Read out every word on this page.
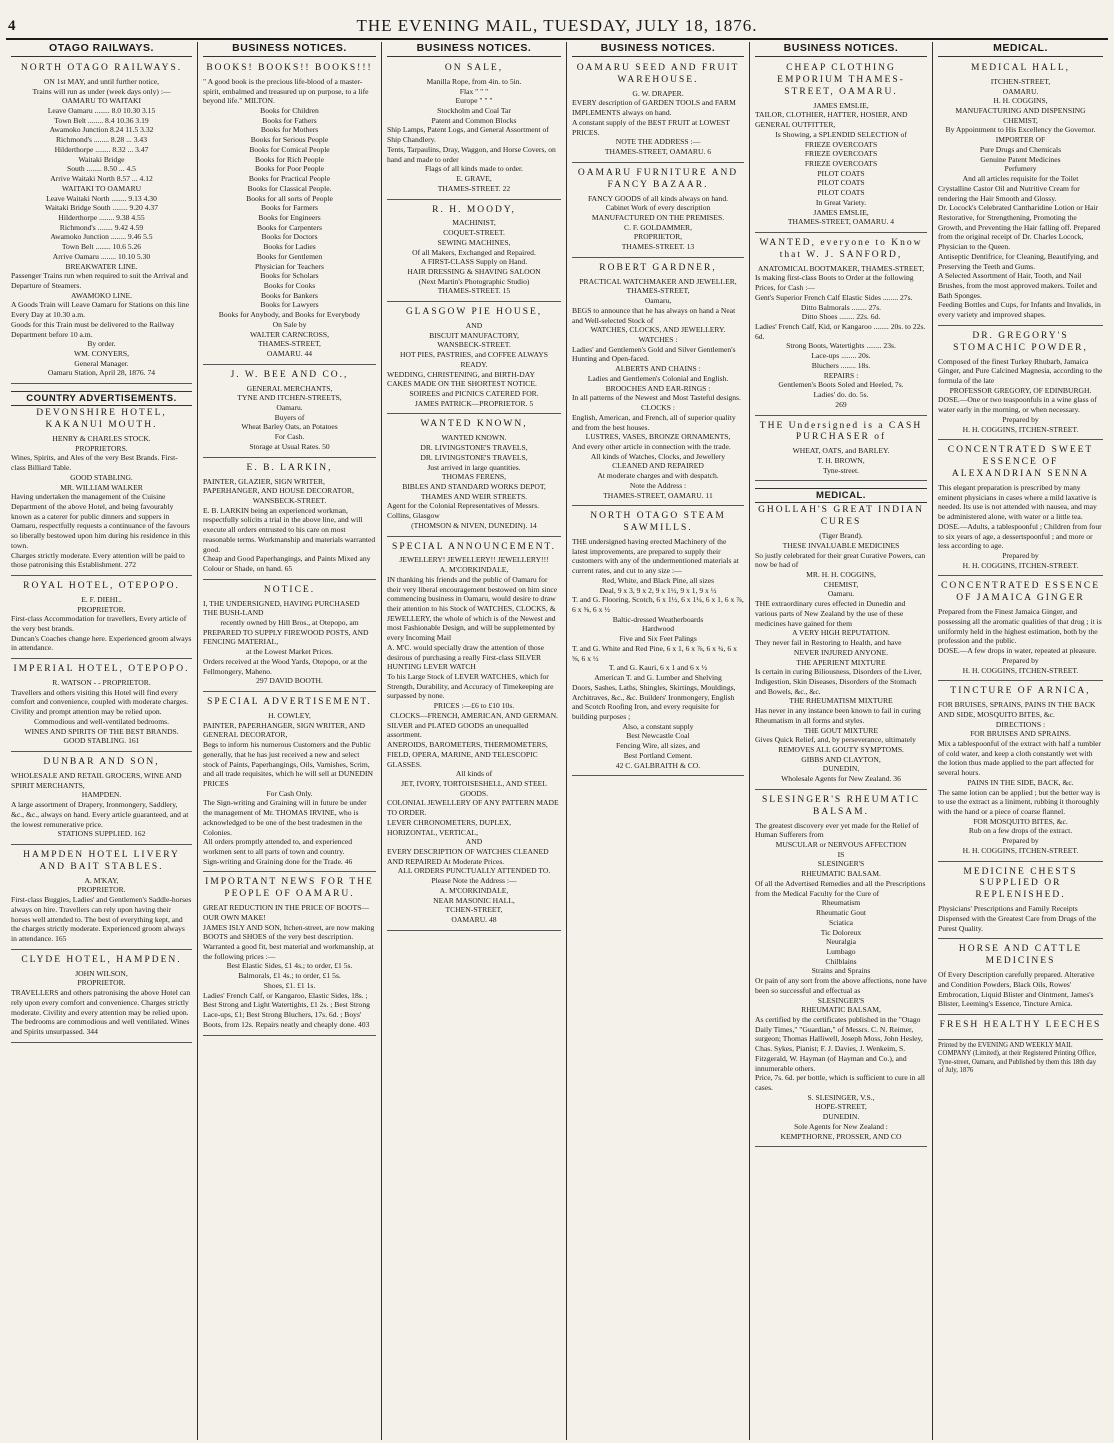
4	THE EVENING MAIL, TUESDAY, JULY 18, 1876.
OTAGO RAILWAYS.
NORTH OTAGO RAILWAYS.
ON 1st MAY, and until further notice,
Trains will run as under (week days only) :—
OAMARU TO WAITAKI
Leave Oamaru ........ 8.0 10.30 3.15
Town Belt ........ 8.4 10.36 3.19
Awamoko Junction 8.24 11.5 3.32
Richmond's ........ 8.28 ... 3.43
Hilderthorpe ........ 8.32 ... 3.47
Waitaki Bridge
South ........ 8.50 ... 4.5
Arrive Waitaki North 8.57 ... 4.12
WAITAKI TO OAMARU
Leave Waitaki North ........ 9.13 4.30
Waitaki Bridge South ........ 9.20 4.37
Hilderthorpe ........ 9.38 4.55
Richmond's ........ 9.42 4.59
Awamoko Junction ........ 9.46 5.5
Town Belt ........ 10.6 5.26
Arrive Oamaru ........ 10.10 5.30
BREAKWATER LINE.
Passenger Trains run when required to suit the Arrival and Departure of Steamers.
AWAMOKO LINE.
A Goods Train will Leave Oamaru for Stations on this line Every Day at 10.30 a.m.
Goods for this Train must be delivered to the Railway Department before 10 a.m.
By order.
WM. CONYERS,
General Manager.
Oamaru Station, April 28, 1876. 74
COUNTRY ADVERTISEMENTS.
DEVONSHIRE HOTEL, KAKANUI MOUTH.
HENRY & CHARLES STOCK.
PROPRIETORS.
Wines, Spirits, and Ales of the very Best Brands. First-class Billiard Table.
GOOD STABLING.
MR. WILLIAM WALKER
Having undertaken the management of the Cuisine Department of the above Hotel, and being favourably known as a caterer for public dinners and suppers in Oamaru, respectfully requests a continuance of the favours so liberally bestowed upon him during his residence in this town.
Charges strictly moderate. Every attention will be paid to those patronising this Establishment. 272
ROYAL HOTEL, OTEPOPO.
E. F. DIEHL.
PROPRIETOR.
First-class Accommodation for travellers, Every article of the very best brands.
Duncan's Coaches change here. Experienced groom always in attendance.
IMPERIAL HOTEL, OTEPOPO.
R. WATSON - - PROPRIETOR.
Travellers and others visiting this Hotel will find every comfort and convenience, coupled with moderate charges.
Civility and prompt attention may be relied upon.
Commodious and well-ventilated bedrooms.
WINES AND SPIRITS OF THE BEST BRANDS.
GOOD STABLING. 161
DUNBAR AND SON,
WHOLESALE AND RETAIL GROCERS, WINE AND SPIRIT MERCHANTS,
HAMPDEN.
A large assortment of Drapery, Ironmongery, Saddlery, &c., &c., always on hand. Every article guaranteed, and at the lowest remunerative price.
STATIONS SUPPLIED. 162
HAMPDEN HOTEL LIVERY AND BAIT STABLES.
A. M'KAY,
PROPRIETOR.
First-class Buggies, Ladies' and Gentlemen's Saddle-horses always on hire. Travellers can rely upon having their horses well attended to. The best of everything kept, and the charges strictly moderate. Experienced groom always in attendance. 165
CLYDE HOTEL, HAMPDEN.
JOHN WILSON,
PROPRIETOR.
TRAVELLERS and others patronising the above Hotel can rely upon every comfort and convenience. Charges strictly moderate. Civility and every attention may be relied upon. The bedrooms are commodious and well ventilated. Wines and Spirits unsurpassed. 344
BUSINESS NOTICES.
BOOKS! BOOKS!! BOOKS!!!
" A good book is the precious life-blood of a master-spirit, embalmed and treasured up on purpose, to a life beyond life." MILTON.
Books for Children
Books for Fathers
Books for Mothers
Books for Serious People
Books for Comical People
Books for Rich People
Books for Poor People
Books for Practical People
Books for Classical People.
Books for all sorts of People
Books for Farmers
Books for Engineers
Books for Carpenters
Books for Doctors
Books for Ladies
Books for Gentlemen
Physician for Teachers
Books for Scholars
Books for Cooks
Books for Bankers
Books for Lawyers
Books for Anybody, and Books for Everybody
On Sale by
WALTER CARNCROSS,
THAMES-STREET,
OAMARU. 44
J. W. BEE AND CO.,
GENERAL MERCHANTS,
TYNE AND ITCHEN-STREETS,
Oamaru.
Buyers of
Wheat Barley Oats, an Potatoes
For Cash.
Storage at Usual Rates. 50
E. B. LARKIN,
PAINTER, GLAZIER, SIGN WRITER, PAPERHANGER, AND HOUSE DECORATOR,
WANSBECK-STREET.
E. B. LARKIN being an experienced workman, respectfully solicits a trial in the above line, and will execute all orders entrusted to his care on most reasonable terms. Workmanship and materials warranted good.
Cheap and Good Paperhangings, and Paints Mixed any Colour or Shade, on hand. 65
NOTICE.
I, THE UNDERSIGNED, HAVING PURCHASED THE BUSH-LAND
recently owned by Hill Bros., at Otepopo, am
PREPARED TO SUPPLY FIREWOOD POSTS, AND FENCING MATERIAL,
at the Lowest Market Prices.
Orders received at the Wood Yards, Otepopo, or at the Fellmongery, Maheno.
297 DAVID BOOTH.
SPECIAL ADVERTISEMENT.
H. COWLEY,
PAINTER, PAPERHANGER, SIGN WRITER, AND GENERAL DECORATOR,
Begs to inform his numerous Customers and the Public generally, that he has just received a new and select stock of Paints, Paperhangings, Oils, Varnishes, Scrim, and all trade requisites, which he will sell at DUNEDIN PRICES
For Cash Only.
The Sign-writing and Graining will in future be under the management of Mr. THOMAS IRVINE, who is acknowledged to be one of the best tradesmen in the Colonies.
All orders promptly attended to, and experienced workmen sent to all parts of town and country.
Sign-writing and Graining done for the Trade. 46
IMPORTANT NEWS FOR THE PEOPLE OF OAMARU.
GREAT REDUCTION IN THE PRICE OF BOOTS—OUR OWN MAKE!
JAMES ISLY AND SON, Itchen-street, are now making BOOTS and SHOES of the very best description. Warranted a good fit, best material and workmanship, at the following prices :—
Best Elastic Sides, £1 4s.; to order, £1 5s.
Balmorals, £1 4s.; to order, £1 5s.
Shoes, £1. £1 1s.
Ladies' French Calf, or Kangaroo, Elastic Sides, 18s. ; Best Strong and Light Watertights, £1 2s. ; Best Strong Lace-ups, £1; Best Strong Bluchers, 17s. 6d. ; Boys' Boots, from 12s. Repairs neatly and cheaply done. 403
BUSINESS NOTICES.
ON SALE,
Manilla Rope, from 4in. to 5in.
Flax " " "
Europe " " "
Stockholm and Coal Tar
Patent and Common Blocks
Ship Lamps, Patent Logs, and General Assortment of Ship Chandlery.
Tents, Tarpaulins, Dray, Waggon, and Horse Covers, on hand and made to order
Flags of all kinds made to order.
E. GRAVE,
THAMES-STREET. 22
R. H. MOODY,
MACHINIST,
COQUET-STREET.
SEWING MACHINES,
Of all Makers, Exchanged and Repaired.
A FIRST-CLASS Supply on Hand.
HAIR DRESSING & SHAVING SALOON
(Next Martin's Photographic Studio)
THAMES-STREET. 15
GLASGOW PIE HOUSE,
AND
BISCUIT MANUFACTORY,
WANSBECK-STREET.
HOT PIES, PASTRIES, and COFFEE ALWAYS READY.
WEDDING, CHRISTENING, and BIRTH-DAY CAKES MADE ON THE SHORTEST NOTICE.
SOIREES and PICNICS CATERED FOR.
JAMES PATRICK—PROPRIETOR. 5
WANTED KNOWN,
WANTED KNOWN.
DR. LIVINGSTONE'S TRAVELS,
DR. LIVINGSTONE'S TRAVELS,
Just arrived in large quantities.
THOMAS FERENS,
BIBLES AND STANDARD WORKS DEPOT,
THAMES AND WEIR STREETS.
Agent for the Colonial Representatives of Messrs. Collins, Glasgow
(THOMSON & NIVEN, DUNEDIN). 14
SPECIAL ANNOUNCEMENT.
JEWELLERY! JEWELLERY!! JEWELLERY!!!
A. M'CORKINDALE,
IN thanking his friends and the public of Oamaru for their very liberal encouragement bestowed on him since commencing business in Oamaru, would desire to draw their attention to his Stock of WATCHES, CLOCKS, & JEWELLERY, the whole of which is of the Newest and most Fashionable Design, and will be supplemented by every Incoming Mail
A. M'C. would specially draw the attention of those desirous of purchasing a really First-class SILVER HUNTING LEVER WATCH
To his Large Stock of LEVER WATCHES, which for Strength, Durability, and Accuracy of Timekeeping are surpassed by none.
PRICES :—£6 to £10 10s.
CLOCKS—FRENCH, AMERICAN, AND GERMAN.
SILVER and PLATED GOODS an unequalled assortment.
ANEROIDS, BAROMETERS, THERMOMETERS, FIELD, OPERA, MARINE, AND TELESCOPIC GLASSES.
All kinds of
JET, IVORY, TORTOISESHELL, AND STEEL GOODS.
COLONIAL JEWELLERY OF ANY PATTERN MADE TO ORDER.
LEVER CHRONOMETERS, DUPLEX, HORIZONTAL, VERTICAL,
AND
EVERY DESCRIPTION OF WATCHES CLEANED AND REPAIRED At Moderate Prices.
ALL ORDERS PUNCTUALLY ATTENDED TO.
Please Note the Address :—
A. M'CORKINDALE,
NEAR MASONIC HALL,
TCHEN-STREET,
OAMARU. 48
BUSINESS NOTICES.
OAMARU SEED AND FRUIT WAREHOUSE.
G. W. DRAPER.
EVERY description of GARDEN TOOLS and FARM IMPLEMENTS always on hand.
A constant supply of the BEST FRUIT at LOWEST PRICES.
NOTE THE ADDRESS :—
THAMES-STREET, OAMARU. 6
OAMARU FURNITURE AND FANCY BAZAAR.
FANCY GOODS of all kinds always on hand.
Cabinet Work of every description
MANUFACTURED ON THE PREMISES.
C. F. GOLDAMMER,
PROPRIETOR,
THAMES-STREET. 13
ROBERT GARDNER,
PRACTICAL WATCHMAKER AND JEWELLER,
THAMES-STREET,
Oamaru,
BEGS to announce that he has always on hand a Neat and Well-selected Stock of
WATCHES, CLOCKS, AND JEWELLERY.
WATCHES :
Ladies' and Gentlemen's Gold and Silver Gentlemen's Hunting and Open-faced.
ALBERTS AND CHAINS :
Ladies and Gentlemen's Colonial and English.
BROOCHES AND EAR-RINGS :
In all patterns of the Newest and Most Tasteful designs.
CLOCKS :
English, American, and French, all of superior quality and from the best houses.
LUSTRES, VASES, BRONZE ORNAMENTS,
And every other article in connection with the trade.
All kinds of Watches, Clocks, and Jewellery
CLEANED AND REPAIRED
At moderate charges and with despatch.
Note the Address :
THAMES-STREET, OAMARU. 11
NORTH OTAGO STEAM SAWMILLS.
THE undersigned having erected Machinery of the latest improvements, are prepared to supply their customers with any of the undermentioned materials at current rates, and cut to any size :—
Red, White, and Black Pine, all sizes
Deal, 9 x 3, 9 x 2, 9 x 1½, 9 x 1, 9 x ½
T. and G. Flooring, Scotch, 6 x 1½, 6 x 1¼, 6 x 1, 6 x ⅞, 6 x ⅝, 6 x ½
Baltic-dressed Weatherboards
Hardwood
Five and Six Feet Palings
T. and G. White and Red Pine, 6 x 1, 6 x ⅞, 6 x ¾, 6 x ⅝, 6 x ½
T. and G. Kauri, 6 x 1 and 6 x ½
American T. and G. Lumber and Shelving
Doors, Sashes, Laths, Shingles, Skirtings, Mouldings, Architraves, &c., &c. Builders' Ironmongery, English and Scotch Roofing Iron, and every requisite for building purposes ;
Also, a constant supply
Best Newcastle Coal
Fencing Wire, all sizes, and
Best Portland Cement.
42 C. GALBRAITH & CO.
BUSINESS NOTICES.
CHEAP CLOTHING EMPORIUM THAMES-STREET, OAMARU.
JAMES EMSLIE,
TAILOR, CLOTHIER, HATTER, HOSIER, AND GENERAL OUTFITTER,
Is Showing, a SPLENDID SELECTION of
FRIEZE OVERCOATS
FRIEZE OVERCOATS
FRIEZE OVERCOATS
PILOT COATS
PILOT COATS
PILOT COATS
In Great Variety.
JAMES EMSLIE,
THAMES-STREET, OAMARU. 4
WANTED, everyone to Know that W. J. SANFORD,
ANATOMICAL BOOTMAKER, THAMES-STREET,
Is making first-class Boots to Order at the following Prices, for Cash :—
Gent's Superior French Calf Elastic Sides ........ 27s.
Ditto Balmorals ........ 27s.
Ditto Shoes ........ 22s. 6d.
Ladies' French Calf, Kid, or Kangaroo ........ 20s. to 22s. 6d.
Strong Boots, Watertights ........ 23s.
Lace-ups ........ 20s.
Bluchers ........ 18s.
REPAIRS :
Gentlemen's Boots Soled and Heeled, 7s.
Ladies' do. do. 5s.
269
THE Undersigned is a CASH PURCHASER of
WHEAT, OATS, and BARLEY.
T. H. BROWN,
Tyne-street.
MEDICAL.
GHOLLAH'S GREAT INDIAN CURES
(Tiger Brand).
THESE INVALUABLE MEDICINES
So justly celebrated for their great Curative Powers, can now be had of
MR. H. H. COGGINS,
CHEMIST,
Oamaru.
THE extraordinary cures effected in Dunedin and various parts of New Zealand by the use of these medicines have gained for them
A VERY HIGH REPUTATION.
They never fail in Restoring to Health, and have
NEVER INJURED ANYONE.
THE APERIENT MIXTURE
Is certain in curing Biliousness, Disorders of the Liver, Indigestion, Skin Diseases, Disorders of the Stomach and Bowels, &c., &c.
THE RHEUMATISM MIXTURE
Has never in any instance been known to fail in curing Rheumatism in all forms and styles.
THE GOUT MIXTURE
Gives Quick Relief, and, by perseverance, ultimately
REMOVES ALL GOUTY SYMPTOMS.
GIBBS AND CLAYTON,
DUNEDIN,
Wholesale Agents for New Zealand. 36
SLESINGER'S RHEUMATIC BALSAM.
The greatest discovery ever yet made for the Relief of Human Sufferers from
MUSCULAR or NERVOUS AFFECTION
IS
SLESINGER'S
RHEUMATIC BALSAM.
Of all the Advertised Remedies and all the Prescriptions from the Medical Faculty for the Cure of
Rheumatism
Rheumatic Gout
Sciatica
Tic Doloreux
Neuralgia
Lumbago
Chilblains
Strains and Sprains
Or pain of any sort from the above affections, none have been so successful and effectual as
SLESINGER'S
RHEUMATIC BALSAM,
As certified by the certificates published in the "Otago Daily Times," "Guardian," of Messrs. C. N. Reimer, surgeon; Thomas Halliwell, Joseph Moss, John Hesley, Chas. Sykes, Pianist; F. J. Davies, J. Wenkeim, S. Fitzgerald, W. Hayman (of Hayman and Co.), and innumerable others.
Price, 7s. 6d. per bottle, which is sufficient to cure in all cases.
S. SLESINGER, V.S.,
HOPE-STREET,
DUNEDIN.
Sole Agents for New Zealand :
KEMPTHORNE, PROSSER, AND CO
MEDICAL.
MEDICAL HALL,
ITCHEN-STREET,
OAMARU.
H. H. COGGINS,
MANUFACTURING AND DISPENSING CHEMIST,
By Appointment to His Excellency the Governor.
IMPORTER OF
Pure Drugs and Chemicals
Genuine Patent Medicines
Perfumery
And all articles requisite for the Toilet
Crystalline Castor Oil and Nutritive Cream for rendering the Hair Smooth and Glossy.
Dr. Locock's Celebrated Cantharidine Lotion or Hair Restorative, for Strengthening, Promoting the Growth, and Preventing the Hair falling off. Prepared from the original receipt of Dr. Charles Locock, Physician to the Queen.
Antiseptic Dentifrice, for Cleaning, Beautifying, and Preserving the Teeth and Gums.
A Selected Assortment of Hair, Tooth, and Nail Brushes, from the most approved makers. Toilet and Bath Sponges.
Feeding Bottles and Cups, for Infants and Invalids, in every variety and improved shapes.
DR. GREGORY'S STOMACHIC POWDER,
Composed of the finest Turkey Rhubarb, Jamaica Ginger, and Pure Calcined Magnesia, according to the formula of the late
PROFESSOR GREGORY, OF EDINBURGH.
DOSE.—One or two teaspoonfuls in a wine glass of water early in the morning, or when necessary.
Prepared by
H. H. COGGINS, ITCHEN-STREET.
CONCENTRATED SWEET ESSENCE OF ALEXANDRIAN SENNA
This elegant preparation is prescribed by many eminent physicians in cases where a mild laxative is needed. Its use is not attended with nausea, and may be administered alone, with water or a little tea.
DOSE.—Adults, a tablespoonful ; Children from four to six years of age, a dessertspoonful ; and more or less according to age.
Prepared by
H. H. COGGINS, ITCHEN-STREET.
CONCENTRATED ESSENCE OF JAMAICA GINGER
Prepared from the Finest Jamaica Ginger, and possessing all the aromatic qualities of that drug ; it is uniformly held in the highest estimation, both by the profession and the public.
DOSE.—A few drops in water, repeated at pleasure.
Prepared by
H. H. COGGINS, ITCHEN-STREET.
TINCTURE OF ARNICA,
FOR BRUISES, SPRAINS, PAINS IN THE BACK AND SIDE, MOSQUITO BITES, &c.
DIRECTIONS :
FOR BRUISES AND SPRAINS.
Mix a tablespoonful of the extract with half a tumbler of cold water, and keep a cloth constantly wet with the lotion thus made applied to the part affected for several hours.
PAINS IN THE SIDE, BACK, &c.
The same lotion can be applied ; but the better way is to use the extract as a liniment, rubbing it thoroughly with the hand or a piece of coarse flannel.
FOR MOSQUITO BITES, &c.
Rub on a few drops of the extract.
Prepared by
H. H. COGGINS, ITCHEN-STREET.
MEDICINE CHESTS SUPPLIED OR REPLENISHED.
Physicians' Prescriptions and Family Receipts Dispensed with the Greatest Care from Drugs of the Purest Quality.
HORSE AND CATTLE MEDICINES
Of Every Description carefully prepared. Alterative and Condition Powders, Black Oils, Rowes' Embrocation, Liquid Blister and Ointment, James's Blister, Leeming's Essence, Tincture Arnica.
FRESH HEALTHY LEECHES
Printed by the EVENING AND WEEKLY MAIL COMPANY (Limited), at their Registered Printing Office, Tyne-street, Oamaru, and Published by them this 18th day of July, 1876
